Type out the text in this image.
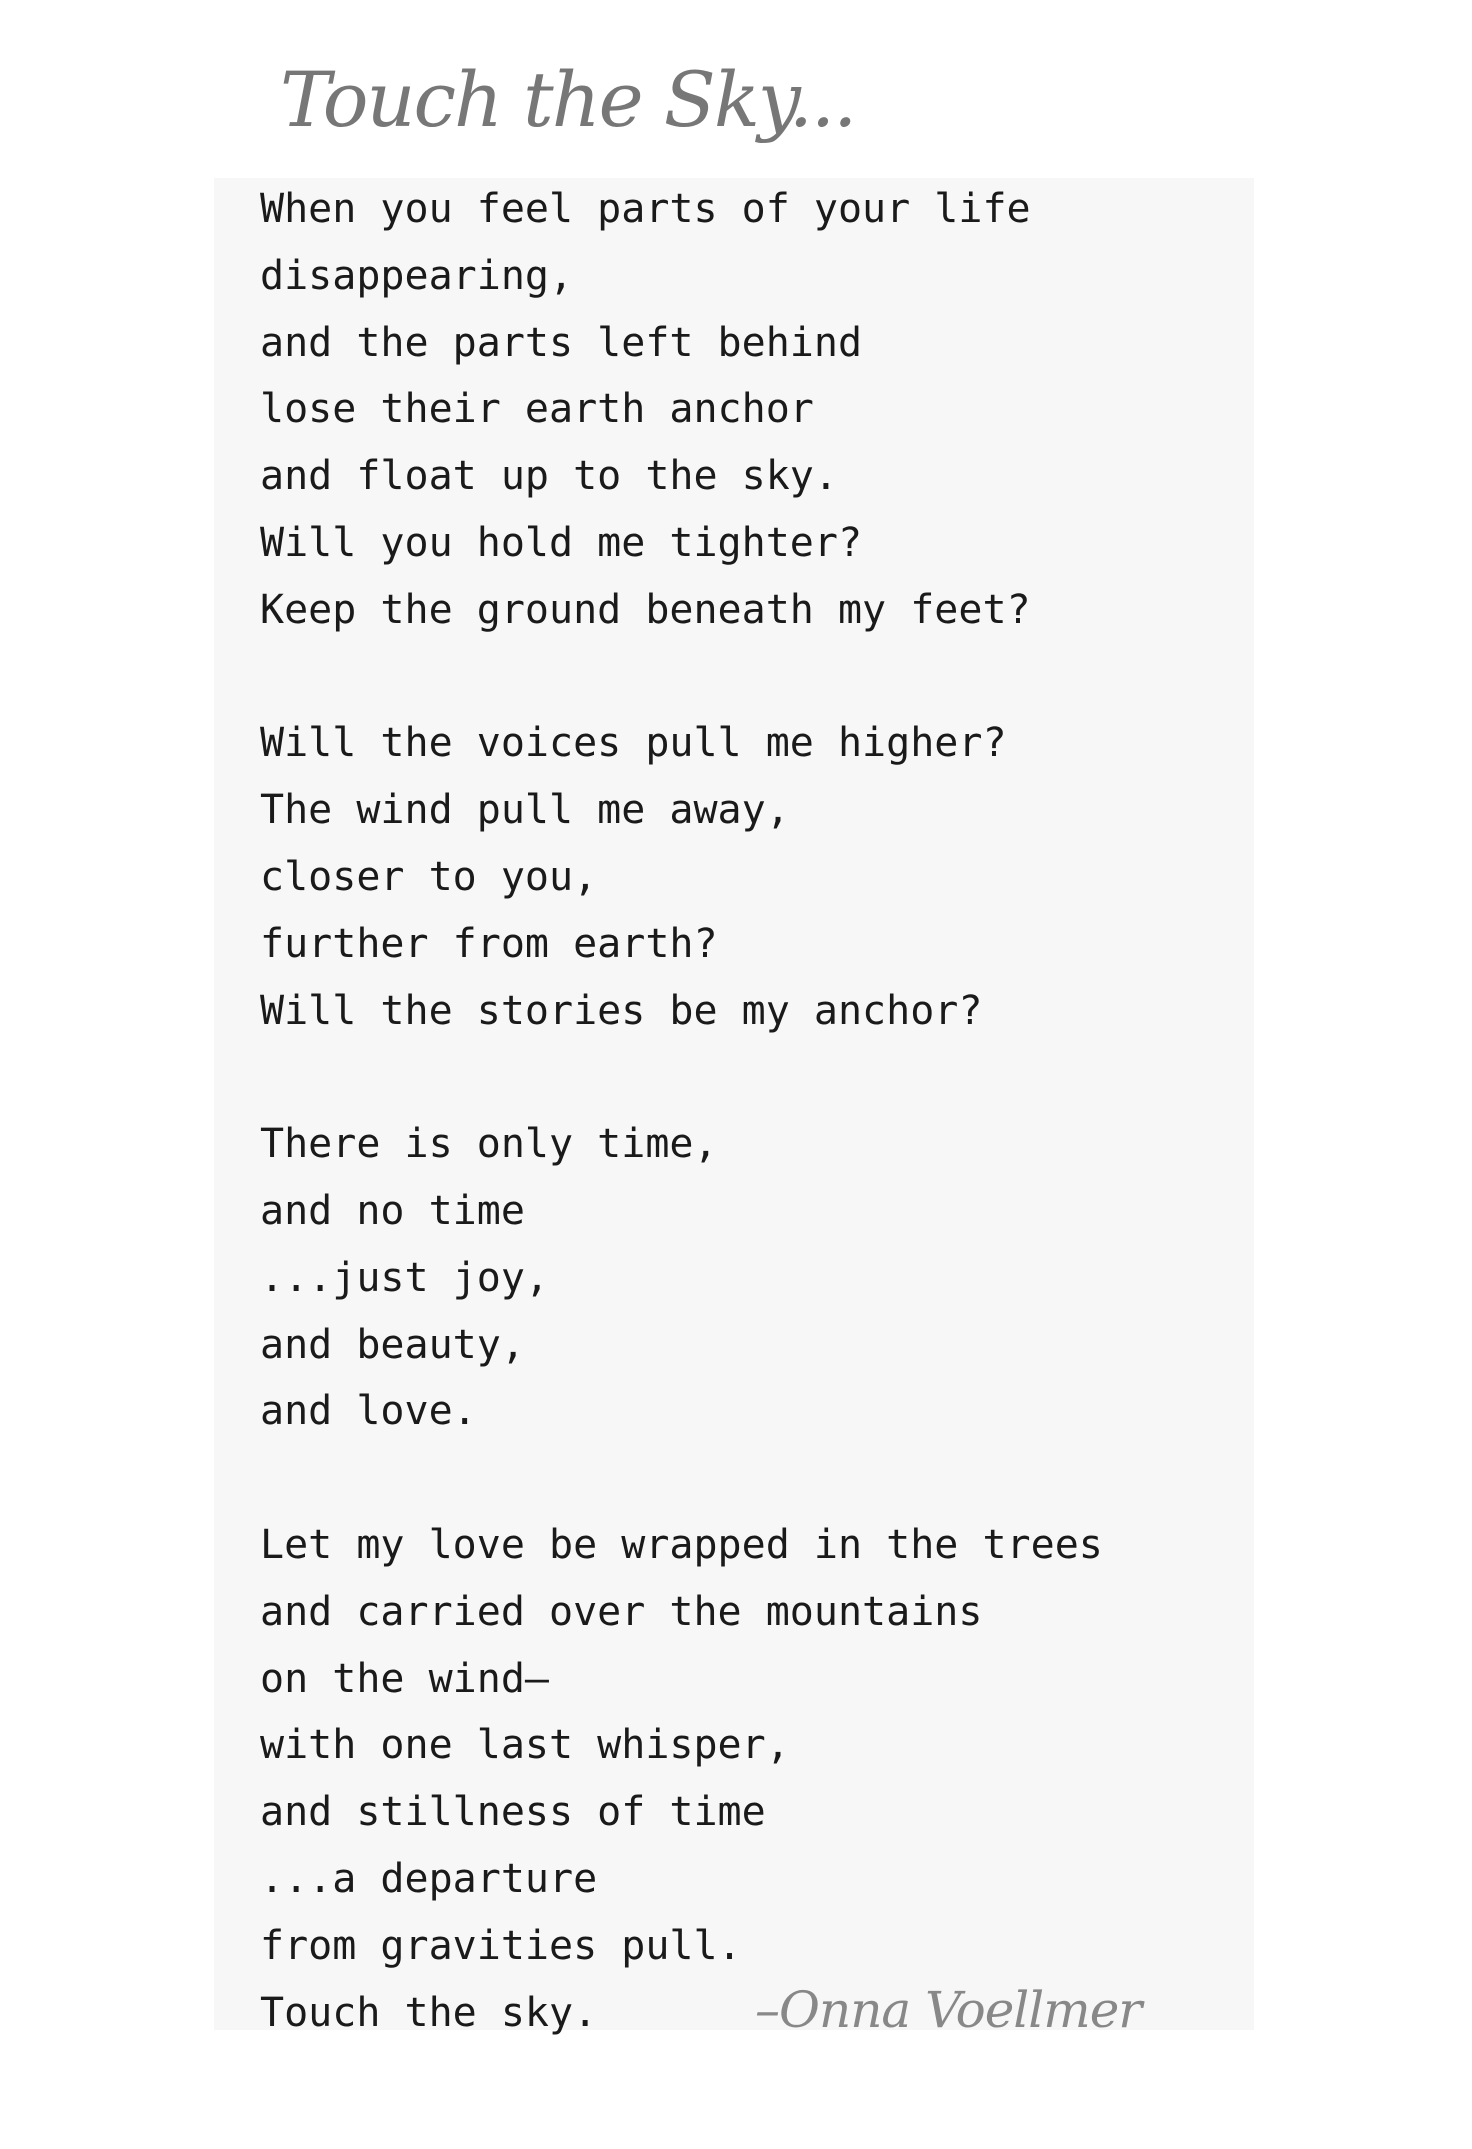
Touch the Sky...
When you feel parts of your life
disappearing,
and the parts left behind
lose their earth anchor
and float up to the sky.
Will you hold me tighter?
Keep the ground beneath my feet?
Will the voices pull me higher?
The wind pull me away,
closer to you,
further from earth?
Will the stories be my anchor?
There is only time,
and no time
...just joy,
and beauty,
and love.
Let my love be wrapped in the trees
and carried over the mountains
on the wind—
with one last whisper,
and stillness of time
...a departure
from gravities pull.
Touch the sky.	–Onna Voellmer
